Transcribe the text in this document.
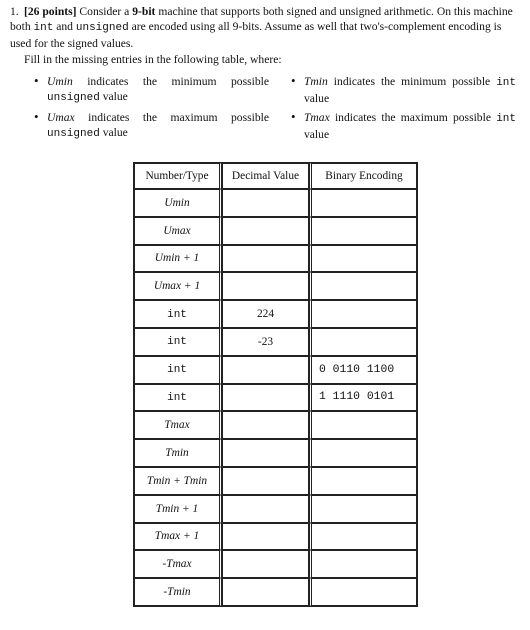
1. [26 points] Consider a 9-bit machine that supports both signed and unsigned arithmetic. On this machine both int and unsigned are encoded using all 9-bits. Assume as well that two's-complement encoding is used for the signed values.

Fill in the missing entries in the following table, where:

• Umin indicates the minimum possible unsigned value
• Umax indicates the maximum possible unsigned value
• Tmin indicates the minimum possible int value
• Tmax indicates the maximum possible int value
Number/Type	Decimal Value	Binary Encoding
Umin		
Umax		
Umin + 1		
Umax + 1		
int	224	
int	-23	
int		0 0110 1100
int		1 1110 0101
Tmax		
Tmin		
Tmin + Tmin		
Tmin + 1		
Tmax + 1		
-Tmax		
-Tmin		
